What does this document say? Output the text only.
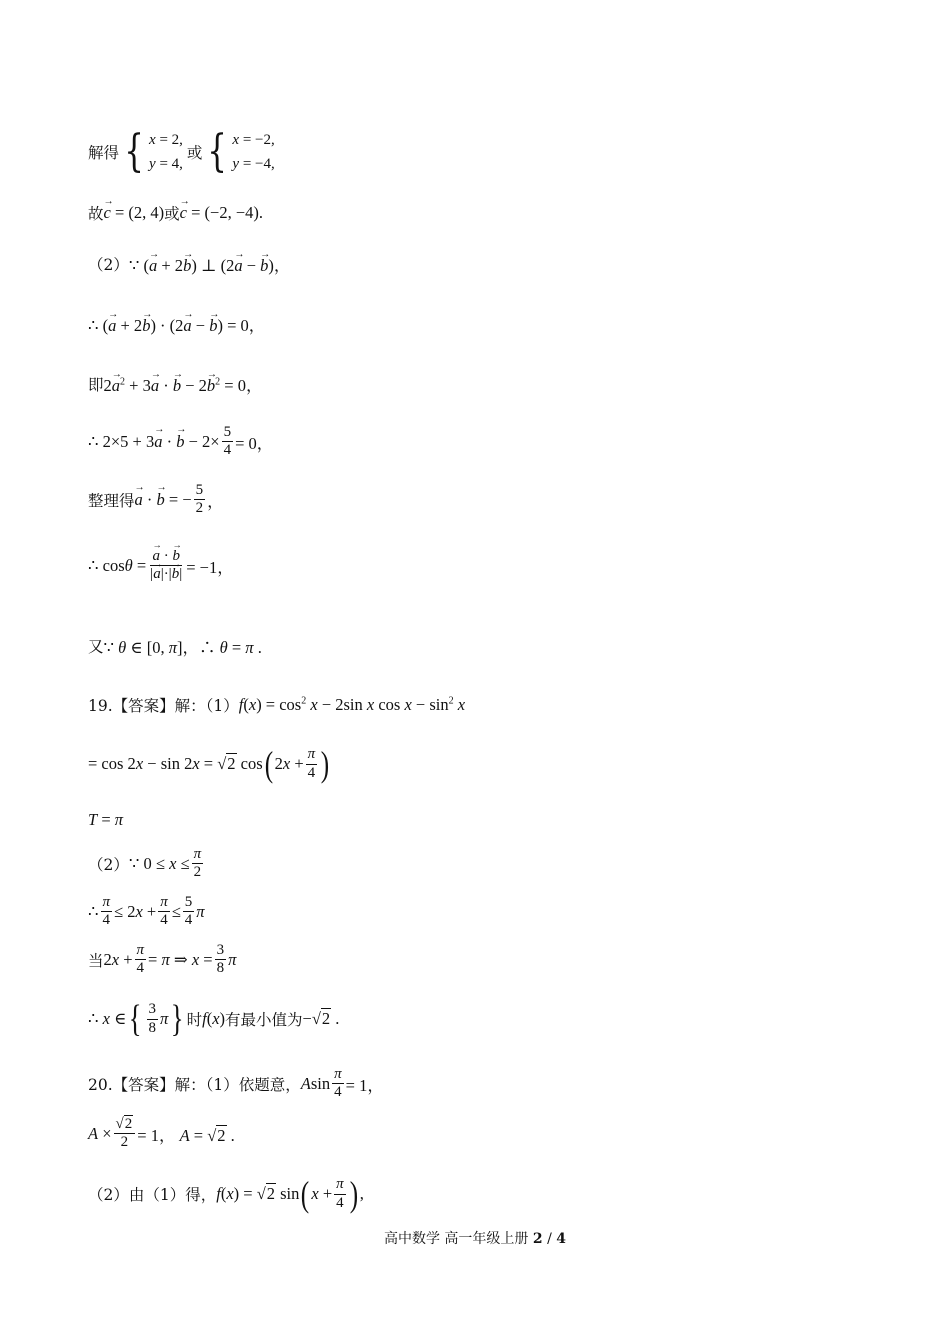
解得 { x = 2,
y = 4,
或 { x = −2,
y = −4,
故 → c = (2, 4) 或 → c = (−2, −4).
（2） ∵ (→ a + 2→ b) ⊥ (2→ a − → b)，
∴ (→ a + 2→ b) · (2→ a − → b) = 0，
即 $2\to a^2 + 3\to a$ · → $b - 2\to b^2 = 0$，
∴ 2×5 + 3→ a · → $b - 2\times \frac{5}{4} = 0$，
整理得 → a · → b = − $\frac{5}{2}$ ，
∴ cosθ = → $\frac{a \cdot \to b}{|\to a|\cdot|\to b|} = -1$，
又 ∵ θ ∈ [0, π]，∴ θ = π .
19.【答案】解：（1） $f(x) = \cos^2 x - 2\sin$ x $\cos x - \sin^2 x$
= cos 2x − sin 2x = √2 cos ( $2x + \frac{\pi}{4}$ )
T = π
（2） ∵ $0 \le x \le \frac{\pi}{2}$
∴ $\frac{\pi}{4} \le 2x + \frac{\pi}{4} \le \frac{5}{4}$ π
当 $2x + \frac{\pi}{4} = \pi$ ⇒ $x = \frac{3}{8}$ π
∴ x ∈ { $\frac{3}{8}$ π } 时 f(x) 有最小值为 −√2 .
20.【答案】解：（1）依题意， Asin $\frac{\pi}{4} = 1$，
$A \times \frac{√2}{2} = 1$， A = √2 .
（2）由（1）得， f(x) = √2 sin ( $x + \frac{\pi}{4}$ ) ,
高中数学 高一年级上册 2 / 4
